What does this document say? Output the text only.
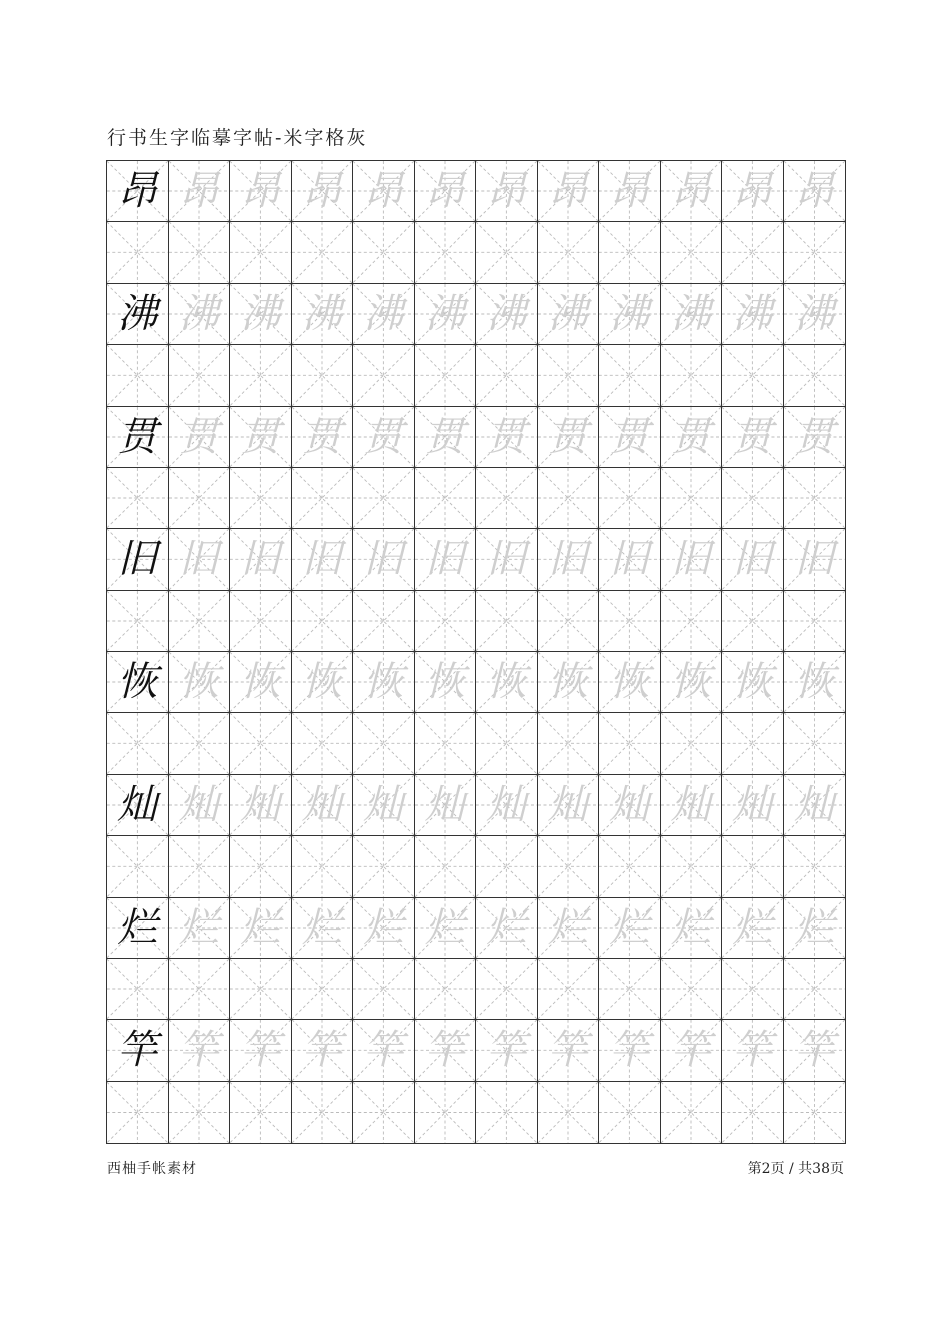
行书生字临摹字帖-米字格灰
昂 昂 昂 昂 昂 昂 昂 昂 昂 昂 昂 昂
沸 沸 沸 沸 沸 沸 沸 沸 沸 沸 沸 沸
贯 贯 贯 贯 贯 贯 贯 贯 贯 贯 贯 贯
旧 旧 旧 旧 旧 旧 旧 旧 旧 旧 旧 旧
恢 恢 恢 恢 恢 恢 恢 恢 恢 恢 恢 恢
灿 灿 灿 灿 灿 灿 灿 灿 灿 灿 灿 灿
烂 烂 烂 烂 烂 烂 烂 烂 烂 烂 烂 烂
竿 竿 竿 竿 竿 竿 竿 竿 竿 竿 竿 竿
西柚手帐素材	第2页 / 共38页
